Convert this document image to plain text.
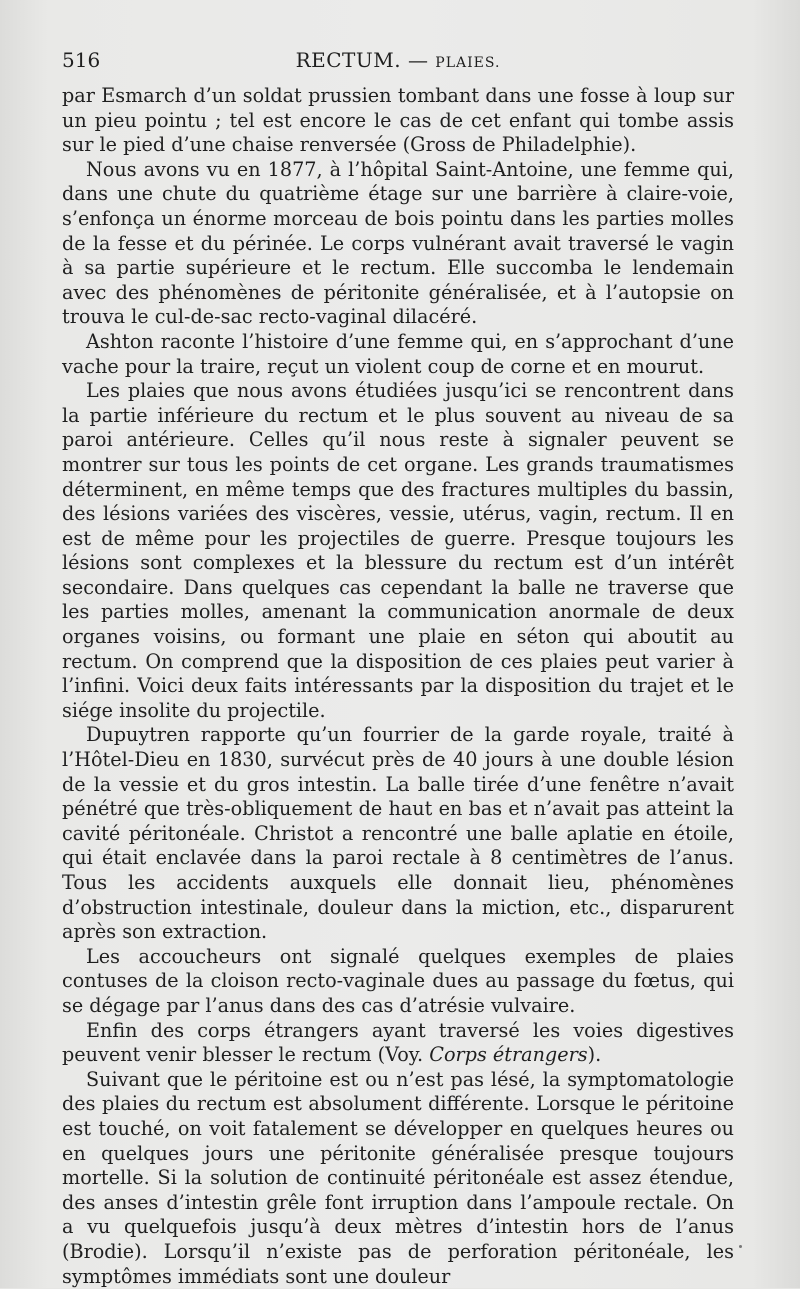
516	RECTUM. — PLAIES.

par Esmarch d’un soldat prussien tombant dans une fosse à loup sur un pieu pointu ; tel est encore le cas de cet enfant qui tombe assis sur le pied d’une chaise renversée (Gross de Philadelphie).

Nous avons vu en 1877, à l’hôpital Saint-Antoine, une femme qui, dans une chute du quatrième étage sur une barrière à claire-voie, s’enfonça un énorme morceau de bois pointu dans les parties molles de la fesse et du périnée. Le corps vulnérant avait traversé le vagin à sa partie supérieure et le rectum. Elle succomba le lendemain avec des phénomènes de péritonite généralisée, et à l’autopsie on trouva le cul-de-sac recto-vaginal dilacéré.

Ashton raconte l’histoire d’une femme qui, en s’approchant d’une vache pour la traire, reçut un violent coup de corne et en mourut.

Les plaies que nous avons étudiées jusqu’ici se rencontrent dans la partie inférieure du rectum et le plus souvent au niveau de sa paroi antérieure. Celles qu’il nous reste à signaler peuvent se montrer sur tous les points de cet organe. Les grands traumatismes déterminent, en même temps que des fractures multiples du bassin, des lésions variées des viscères, vessie, utérus, vagin, rectum. Il en est de même pour les projectiles de guerre. Presque toujours les lésions sont complexes et la blessure du rectum est d’un intérêt secondaire. Dans quelques cas cependant la balle ne traverse que les parties molles, amenant la communication anormale de deux organes voisins, ou formant une plaie en séton qui aboutit au rectum. On comprend que la disposition de ces plaies peut varier à l’infini. Voici deux faits intéressants par la disposition du trajet et le siége insolite du projectile.

Dupuytren rapporte qu’un fourrier de la garde royale, traité à l’Hôtel-Dieu en 1830, survécut près de 40 jours à une double lésion de la vessie et du gros intestin. La balle tirée d’une fenêtre n’avait pénétré que très-obliquement de haut en bas et n’avait pas atteint la cavité péritonéale. Christot a rencontré une balle aplatie en étoile, qui était enclavée dans la paroi rectale à 8 centimètres de l’anus. Tous les accidents auxquels elle donnait lieu, phénomènes d’obstruction intestinale, douleur dans la miction, etc., disparurent après son extraction.

Les accoucheurs ont signalé quelques exemples de plaies contuses de la cloison recto-vaginale dues au passage du fœtus, qui se dégage par l’anus dans des cas d’atrésie vulvaire.

Enfin des corps étrangers ayant traversé les voies digestives peuvent venir blesser le rectum (Voy. Corps étrangers).

Suivant que le péritoine est ou n’est pas lésé, la symptomatologie des plaies du rectum est absolument différente. Lorsque le péritoine est touché, on voit fatalement se développer en quelques heures ou en quelques jours une péritonite généralisée presque toujours mortelle. Si la solution de continuité péritonéale est assez étendue, des anses d’intestin grêle font irruption dans l’ampoule rectale. On a vu quelquefois jusqu’à deux mètres d’intestin hors de l’anus (Brodie). Lorsqu’il n’existe pas de perforation péritonéale, les symptômes immédiats sont une douleur
